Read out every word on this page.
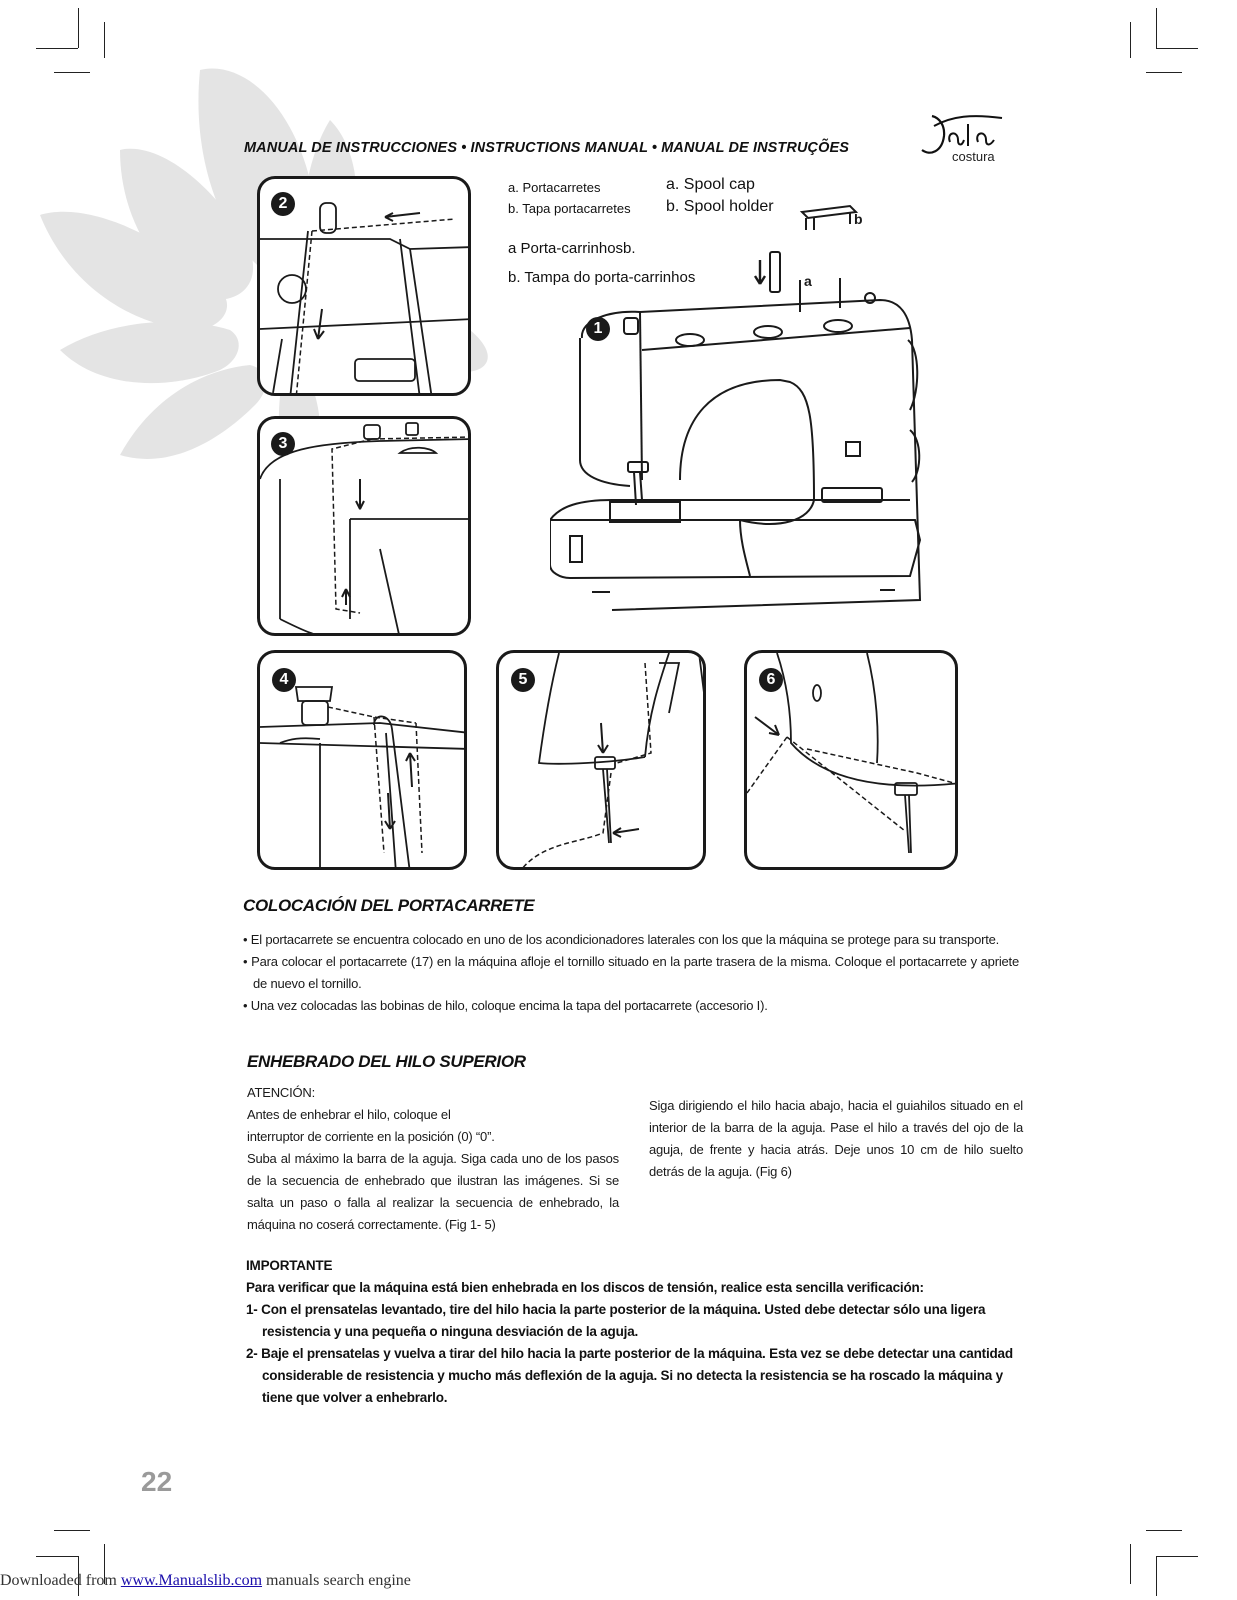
MANUAL DE INSTRUCCIONES • INSTRUCTIONS MANUAL • MANUAL DE INSTRUÇÕES
costura
2
3
a. Portacarretes
b. Tapa portacarretes
a. Spool cap
b. Spool holder
a Porta-carrinhosb.
b. Tampa do porta-carrinhos
b
a
1
4	5	6
COLOCACIÓN DEL PORTACARRETE
• El portacarrete se encuentra colocado en uno de los acondicionadores laterales con los que la máquina se protege para su transporte.
• Para colocar el portacarrete (17) en la máquina afloje el tornillo situado en la parte trasera de la misma. Coloque el portacarrete y apriete de nuevo el tornillo.
• Una vez colocadas las bobinas de hilo, coloque encima la tapa del portacarrete (accesorio I).
ENHEBRADO DEL HILO SUPERIOR

ATENCIÓN:

Antes de enhebrar el hilo, coloque el

interruptor de corriente en la posición (0) “0”.

Suba al máximo la barra de la aguja. Siga cada uno de los pasos de la secuencia de enhebrado que ilustran las imágenes. Si se salta un paso o falla al realizar la secuencia de enhebrado, la máquina no coserá correctamente. (Fig 1- 5)

Siga dirigiendo el hilo hacia abajo, hacia el guiahilos situado en el interior de la barra de la aguja. Pase el hilo a través del ojo de la aguja, de frente y hacia atrás. Deje unos 10 cm de hilo suelto detrás de la aguja. (Fig 6)
IMPORTANTE
Para verificar que la máquina está bien enhebrada en los discos de tensión, realice esta sencilla verificación:
1- Con el prensatelas levantado, tire del hilo hacia la parte posterior de la máquina. Usted debe detectar sólo una ligera resistencia y una pequeña o ninguna desviación de la aguja.
2- Baje el prensatelas y vuelva a tirar del hilo hacia la parte posterior de la máquina. Esta vez se debe detectar una cantidad considerable de resistencia y mucho más deflexión de la aguja. Si no detecta la resistencia se ha roscado la máquina y tiene que volver a enhebrarlo.
22
Downloaded from www.Manualslib.com manuals search engine
